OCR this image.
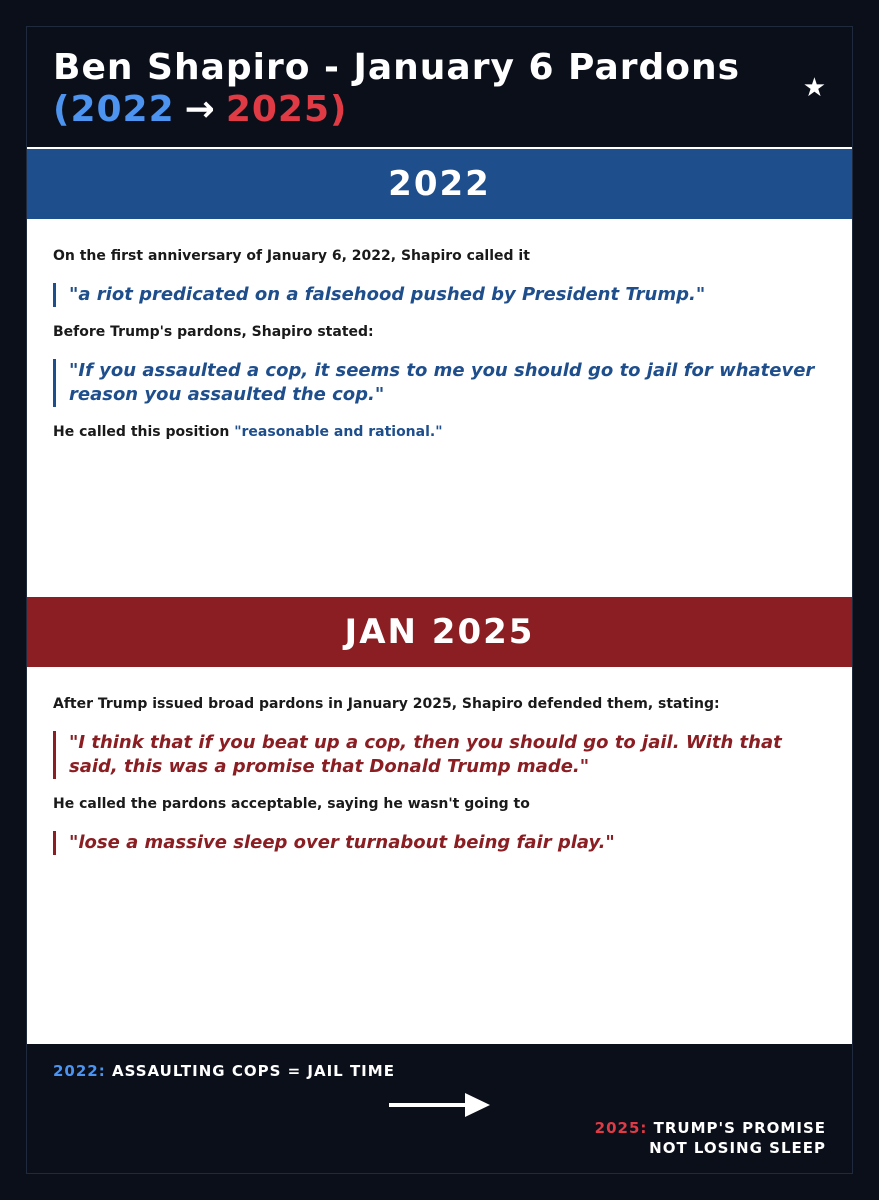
Ben Shapiro - January 6 Pardons
(2022 → 2025)
★
2022

On the first anniversary of January 6, 2022, Shapiro called it

"a riot predicated on a falsehood pushed by President Trump."

Before Trump's pardons, Shapiro stated:

"If you assaulted a cop, it seems to me you should go to jail for whatever reason you assaulted the cop."

He called this position "reasonable and rational."

JAN 2025

After Trump issued broad pardons in January 2025, Shapiro defended them, stating:

"I think that if you beat up a cop, then you should go to jail. With that said, this was a promise that Donald Trump made."

He called the pardons acceptable, saying he wasn't going to

"lose a massive sleep over turnabout being fair play."
2022: ASSAULTING COPS = JAIL TIME
2025: TRUMP'S PROMISE
NOT LOSING SLEEP
